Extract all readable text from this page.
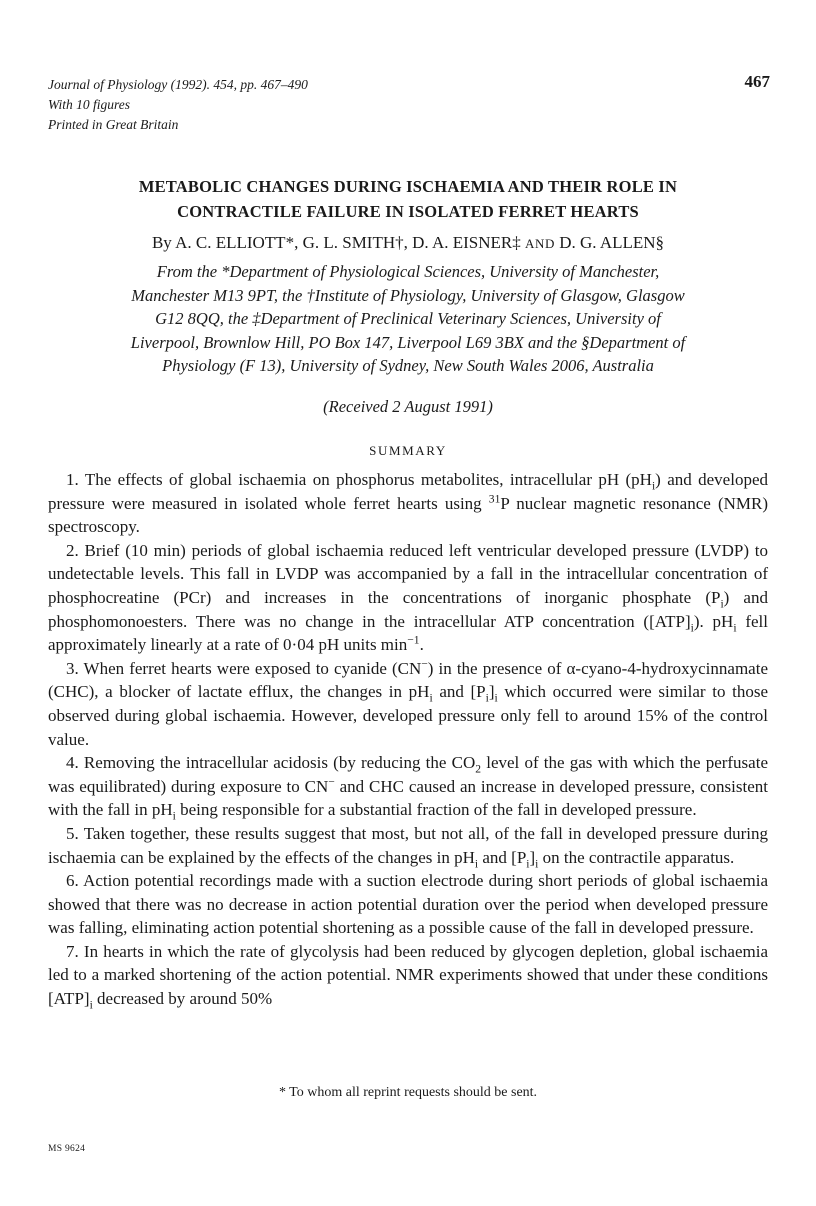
Journal of Physiology (1992). 454, pp. 467–490
With 10 figures
Printed in Great Britain
467
METABOLIC CHANGES DURING ISCHAEMIA AND THEIR ROLE IN
CONTRACTILE FAILURE IN ISOLATED FERRET HEARTS
By A. C. ELLIOTT*, G. L. SMITH†, D. A. EISNER‡ AND D. G. ALLEN§
From the *Department of Physiological Sciences, University of Manchester,
Manchester M13 9PT, the †Institute of Physiology, University of Glasgow, Glasgow
G12 8QQ, the ‡Department of Preclinical Veterinary Sciences, University of
Liverpool, Brownlow Hill, PO Box 147, Liverpool L69 3BX and the §Department of
Physiology (F 13), University of Sydney, New South Wales 2006, Australia
(Received 2 August 1991)
SUMMARY

1. The effects of global ischaemia on phosphorus metabolites, intracellular pH $(pH_i)$ and developed pressure were measured in isolated whole ferret hearts using $^{31}$P nuclear magnetic resonance (NMR) spectroscopy.

2. Brief (10 min) periods of global ischaemia reduced left ventricular developed pressure (LVDP) to undetectable levels. This fall in LVDP was accompanied by a fall in the intracellular concentration of phosphocreatine (PCr) and increases in the concentrations of inorganic phosphate $(P_i)$ and phosphomonoesters. There was no change in the intracellular ATP concentration $([ATP]_i)$. $pH_i$ fell approximately linearly at a rate of 0·04 pH units $\min^{-1}$.

3. When ferret hearts were exposed to cyanide (CN−) in the presence of α-cyano-4-hydroxycinnamate (CHC), a blocker of lactate efflux, the changes in $pH_i$ and $[P_i]_i$ which occurred were similar to those observed during global ischaemia. However, developed pressure only fell to around 15% of the control value.

4. Removing the intracellular acidosis (by reducing the $CO_2$ level of the gas with which the perfusate was equilibrated) during exposure to CN− and CHC caused an increase in developed pressure, consistent with the fall in $pH_i$ being responsible for a substantial fraction of the fall in developed pressure.

5. Taken together, these results suggest that most, but not all, of the fall in developed pressure during ischaemia can be explained by the effects of the changes in $pH_i$ and $[P_i]_i$ on the contractile apparatus.

6. Action potential recordings made with a suction electrode during short periods of global ischaemia showed that there was no decrease in action potential duration over the period when developed pressure was falling, eliminating action potential shortening as a possible cause of the fall in developed pressure.

7. In hearts in which the rate of glycolysis had been reduced by glycogen depletion, global ischaemia led to a marked shortening of the action potential. NMR experiments showed that under these conditions $[ATP]_i$ decreased by around 50%

* To whom all reprint requests should be sent.
MS 9624
